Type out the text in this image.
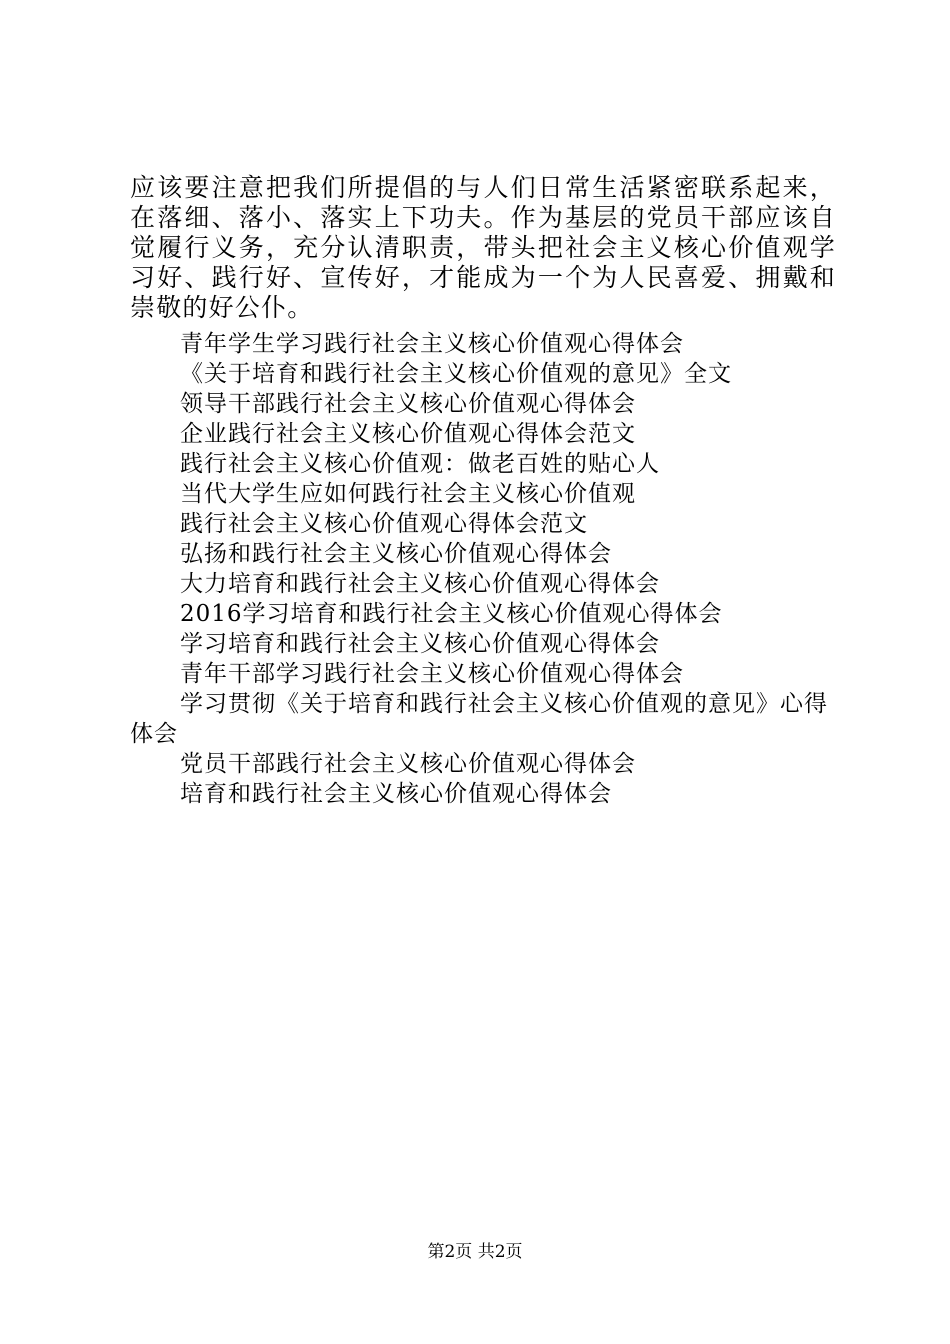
应该要注意把我们所提倡的与人们日常生活紧密联系起来，在落细、落小、落实上下功夫。作为基层的党员干部应该自觉履行义务，充分认清职责，带头把社会主义核心价值观学习好、践行好、宣传好，才能成为一个为人民喜爱、拥戴和崇敬的好公仆。

青年学生学习践行社会主义核心价值观心得体会
《关于培育和践行社会主义核心价值观的意见》全文
领导干部践行社会主义核心价值观心得体会
企业践行社会主义核心价值观心得体会范文
践行社会主义核心价值观：做老百姓的贴心人
当代大学生应如何践行社会主义核心价值观
践行社会主义核心价值观心得体会范文
弘扬和践行社会主义核心价值观心得体会
大力培育和践行社会主义核心价值观心得体会
2016学习培育和践行社会主义核心价值观心得体会
学习培育和践行社会主义核心价值观心得体会
青年干部学习践行社会主义核心价值观心得体会
学习贯彻《关于培育和践行社会主义核心价值观的意见》心得体会
党员干部践行社会主义核心价值观心得体会
培育和践行社会主义核心价值观心得体会
第2页 共2页
